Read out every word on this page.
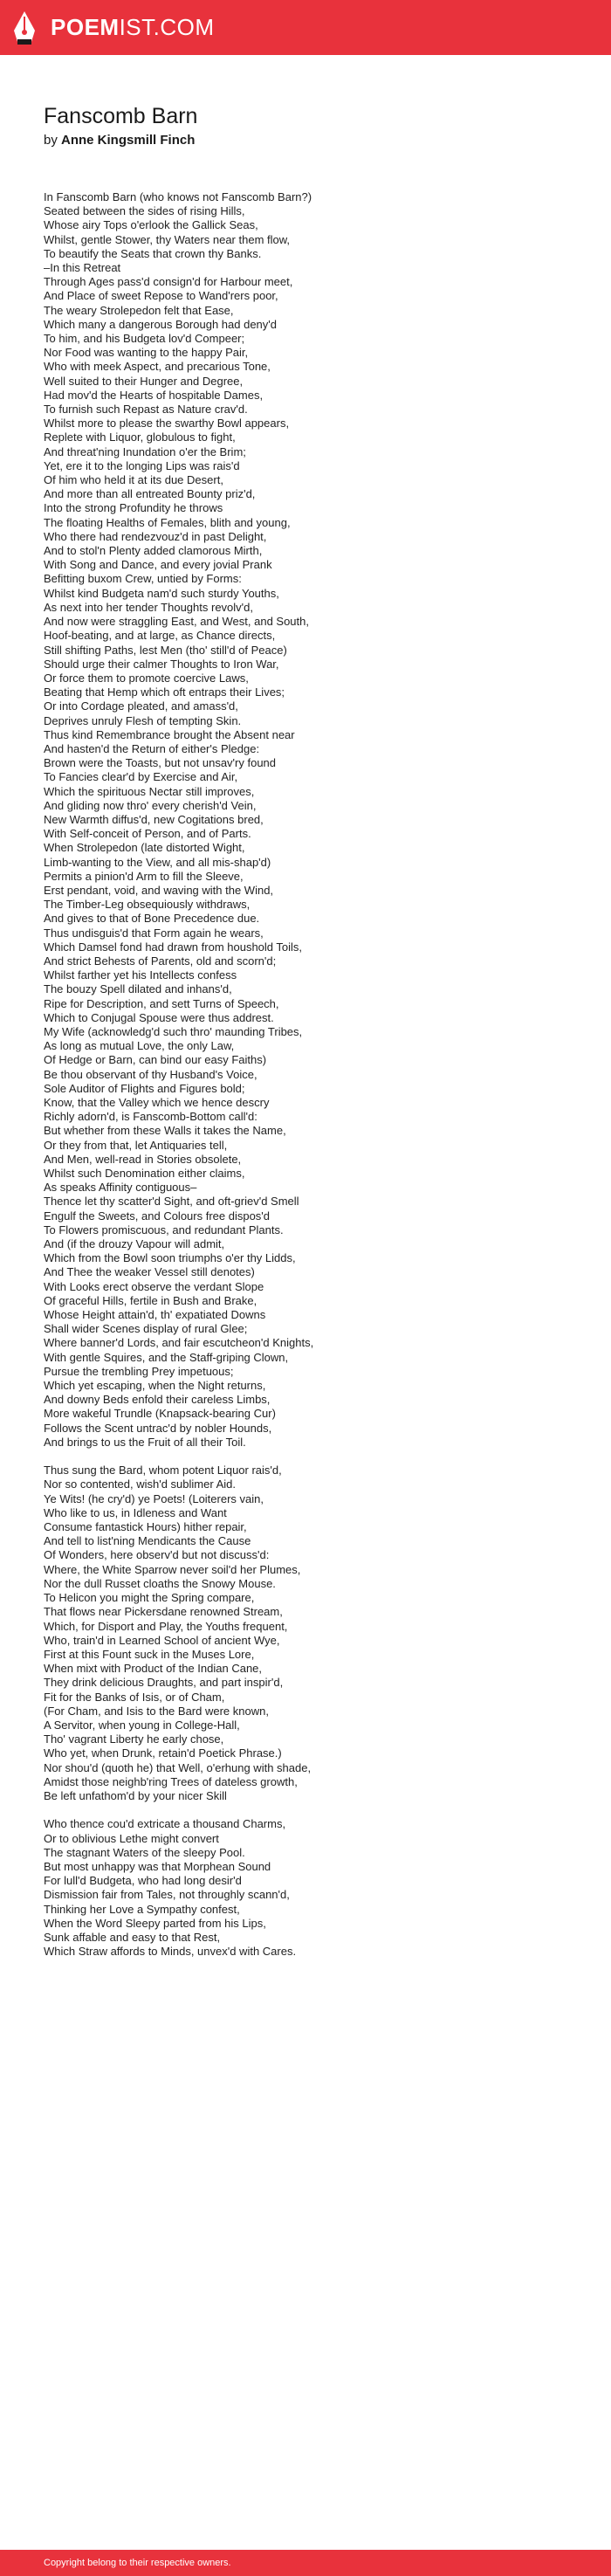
POEMIST.COM
Fanscomb Barn
by Anne Kingsmill Finch
In Fanscomb Barn (who knows not Fanscomb Barn?)
Seated between the sides of rising Hills,
Whose airy Tops o'erlook the Gallick Seas,
Whilst, gentle Stower, thy Waters near them flow,
To beautify the Seats that crown thy Banks.
–In this Retreat
Through Ages pass'd consign'd for Harbour meet,
And Place of sweet Repose to Wand'rers poor,
The weary Strolepedon felt that Ease,
Which many a dangerous Borough had deny'd
To him, and his Budgeta lov'd Compeer;
Nor Food was wanting to the happy Pair,
Who with meek Aspect, and precarious Tone,
Well suited to their Hunger and Degree,
Had mov'd the Hearts of hospitable Dames,
To furnish such Repast as Nature crav'd.
Whilst more to please the swarthy Bowl appears,
Replete with Liquor, globulous to fight,
And threat'ning Inundation o'er the Brim;
Yet, ere it to the longing Lips was rais'd
Of him who held it at its due Desert,
And more than all entreated Bounty priz'd,
Into the strong Profundity he throws
The floating Healths of Females, blith and young,
Who there had rendezvouz'd in past Delight,
And to stol'n Plenty added clamorous Mirth,
With Song and Dance, and every jovial Prank
Befitting buxom Crew, untied by Forms:
Whilst kind Budgeta nam'd such sturdy Youths,
As next into her tender Thoughts revolv'd,
And now were straggling East, and West, and South,
Hoof-beating, and at large, as Chance directs,
Still shifting Paths, lest Men (tho' still'd of Peace)
Should urge their calmer Thoughts to Iron War,
Or force them to promote coercive Laws,
Beating that Hemp which oft entraps their Lives;
Or into Cordage pleated, and amass'd,
Deprives unruly Flesh of tempting Skin.
Thus kind Remembrance brought the Absent near
And hasten'd the Return of either's Pledge:
Brown were the Toasts, but not unsav'ry found
To Fancies clear'd by Exercise and Air,
Which the spirituous Nectar still improves,
And gliding now thro' every cherish'd Vein,
New Warmth diffus'd, new Cogitations bred,
With Self-conceit of Person, and of Parts.
When Strolepedon (late distorted Wight,
Limb-wanting to the View, and all mis-shap'd)
Permits a pinion'd Arm to fill the Sleeve,
Erst pendant, void, and waving with the Wind,
The Timber-Leg obsequiously withdraws,
And gives to that of Bone Precedence due.
Thus undisguis'd that Form again he wears,
Which Damsel fond had drawn from houshold Toils,
And strict Behests of Parents, old and scorn'd;
Whilst farther yet his Intellects confess
The bouzy Spell dilated and inhans'd,
Ripe for Description, and sett Turns of Speech,
Which to Conjugal Spouse were thus addrest.
My Wife (acknowledg'd such thro' maunding Tribes,
As long as mutual Love, the only Law,
Of Hedge or Barn, can bind our easy Faiths)
Be thou observant of thy Husband's Voice,
Sole Auditor of Flights and Figures bold;
Know, that the Valley which we hence descry
Richly adorn'd, is Fanscomb-Bottom call'd:
But whether from these Walls it takes the Name,
Or they from that, let Antiquaries tell,
And Men, well-read in Stories obsolete,
Whilst such Denomination either claims,
As speaks Affinity contiguous–
Thence let thy scatter'd Sight, and oft-griev'd Smell
Engulf the Sweets, and Colours free dispos'd
To Flowers promiscuous, and redundant Plants.
And (if the drouzy Vapour will admit,
Which from the Bowl soon triumphs o'er thy Lidds,
And Thee the weaker Vessel still denotes)
With Looks erect observe the verdant Slope
Of graceful Hills, fertile in Bush and Brake,
Whose Height attain'd, th' expatiated Downs
Shall wider Scenes display of rural Glee;
Where banner'd Lords, and fair escutcheon'd Knights,
With gentle Squires, and the Staff-griping Clown,
Pursue the trembling Prey impetuous;
Which yet escaping, when the Night returns,
And downy Beds enfold their careless Limbs,
More wakeful Trundle (Knapsack-bearing Cur)
Follows the Scent untrac'd by nobler Hounds,
And brings to us the Fruit of all their Toil.
Thus sung the Bard, whom potent Liquor rais'd,
Nor so contented, wish'd sublimer Aid.
Ye Wits! (he cry'd) ye Poets! (Loiterers vain,
Who like to us, in Idleness and Want
Consume fantastick Hours) hither repair,
And tell to list'ning Mendicants the Cause
Of Wonders, here observ'd but not discuss'd:
Where, the White Sparrow never soil'd her Plumes,
Nor the dull Russet cloaths the Snowy Mouse.
To Helicon you might the Spring compare,
That flows near Pickersdane renowned Stream,
Which, for Disport and Play, the Youths frequent,
Who, train'd in Learned School of ancient Wye,
First at this Fount suck in the Muses Lore,
When mixt with Product of the Indian Cane,
They drink delicious Draughts, and part inspir'd,
Fit for the Banks of Isis, or of Cham,
(For Cham, and Isis to the Bard were known,
A Servitor, when young in College-Hall,
Tho' vagrant Liberty he early chose,
Who yet, when Drunk, retain'd Poetick Phrase.)
Nor shou'd (quoth he) that Well, o'erhung with shade,
Amidst those neighb'ring Trees of dateless growth,
Be left unfathom'd by your nicer Skill
Who thence cou'd extricate a thousand Charms,
Or to oblivious Lethe might convert
The stagnant Waters of the sleepy Pool.
But most unhappy was that Morphean Sound
For lull'd Budgeta, who had long desir'd
Dismission fair from Tales, not throughly scann'd,
Thinking her Love a Sympathy confest,
When the Word Sleepy parted from his Lips,
Sunk affable and easy to that Rest,
Which Straw affords to Minds, unvex'd with Cares.
Copyright belong to their respective owners.
